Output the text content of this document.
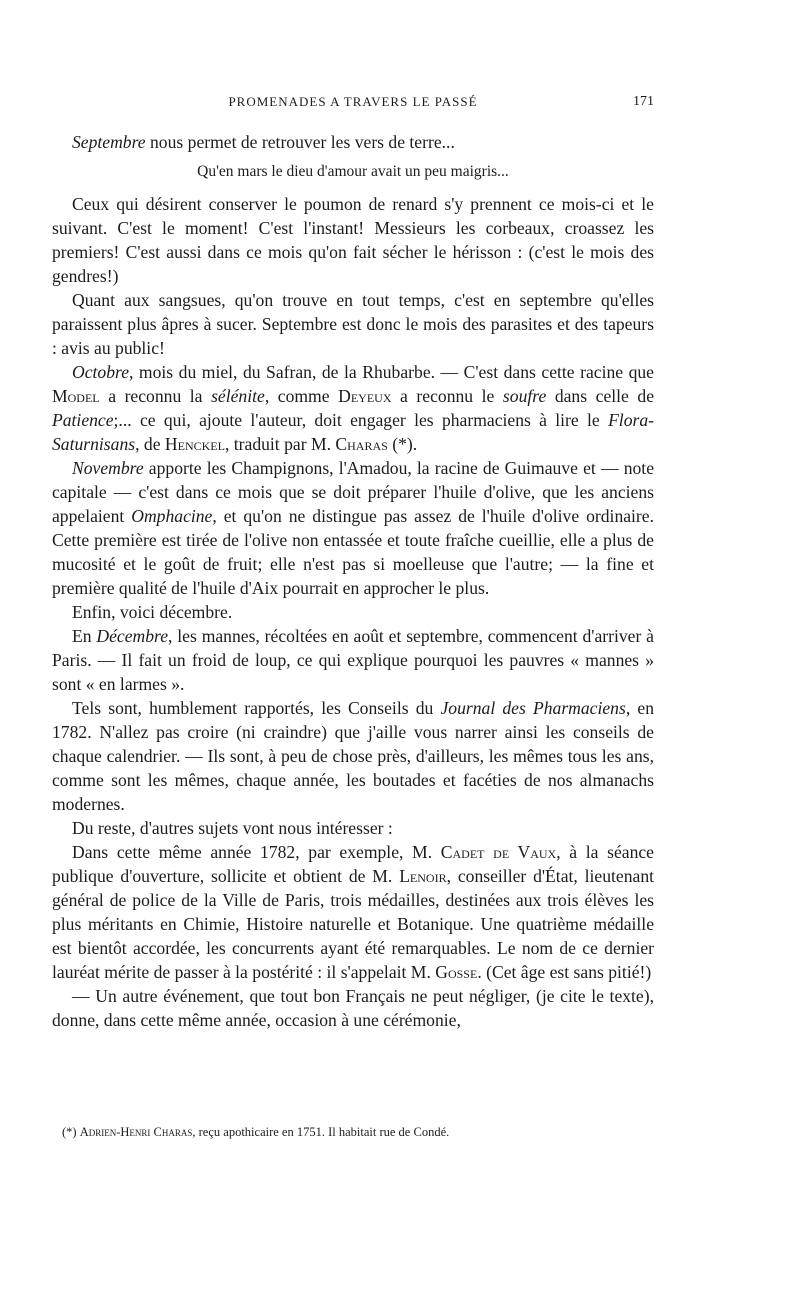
PROMENADES A TRAVERS LE PASSÉ	171

Septembre nous permet de retrouver les vers de terre...

Qu'en mars le dieu d'amour avait un peu maigris...

Ceux qui désirent conserver le poumon de renard s'y prennent ce mois-ci et le suivant. C'est le moment! C'est l'instant! Messieurs les corbeaux, croassez les premiers! C'est aussi dans ce mois qu'on fait sécher le hérisson : (c'est le mois des gendres!)

Quant aux sangsues, qu'on trouve en tout temps, c'est en septembre qu'elles paraissent plus âpres à sucer. Septembre est donc le mois des parasites et des tapeurs : avis au public!

Octobre, mois du miel, du Safran, de la Rhubarbe. — C'est dans cette racine que Model a reconnu la sélénite, comme Deyeux a reconnu le soufre dans celle de Patience;... ce qui, ajoute l'auteur, doit engager les pharmaciens à lire le Flora-Saturnisans, de Henckel, traduit par M. Charas (*).

Novembre apporte les Champignons, l'Amadou, la racine de Guimauve et — note capitale — c'est dans ce mois que se doit préparer l'huile d'olive, que les anciens appelaient Omphacine, et qu'on ne distingue pas assez de l'huile d'olive ordinaire. Cette première est tirée de l'olive non entassée et toute fraîche cueillie, elle a plus de mucosité et le goût de fruit; elle n'est pas si moelleuse que l'autre; — la fine et première qualité de l'huile d'Aix pourrait en approcher le plus.

Enfin, voici décembre.

En Décembre, les mannes, récoltées en août et septembre, commencent d'arriver à Paris. — Il fait un froid de loup, ce qui explique pourquoi les pauvres « mannes » sont « en larmes ».

Tels sont, humblement rapportés, les Conseils du Journal des Pharmaciens, en 1782. N'allez pas croire (ni craindre) que j'aille vous narrer ainsi les conseils de chaque calendrier. — Ils sont, à peu de chose près, d'ailleurs, les mêmes tous les ans, comme sont les mêmes, chaque année, les boutades et facéties de nos almanachs modernes.

Du reste, d'autres sujets vont nous intéresser :

Dans cette même année 1782, par exemple, M. Cadet de Vaux, à la séance publique d'ouverture, sollicite et obtient de M. Lenoir, conseiller d'État, lieutenant général de police de la Ville de Paris, trois médailles, destinées aux trois élèves les plus méritants en Chimie, Histoire naturelle et Botanique. Une quatrième médaille est bientôt accordée, les concurrents ayant été remarquables. Le nom de ce dernier lauréat mérite de passer à la postérité : il s'appelait M. Gosse. (Cet âge est sans pitié!)

— Un autre événement, que tout bon Français ne peut négliger, (je cite le texte), donne, dans cette même année, occasion à une cérémonie,

(*) Adrien-Henri Charas, reçu apothicaire en 1751. Il habitait rue de Condé.
